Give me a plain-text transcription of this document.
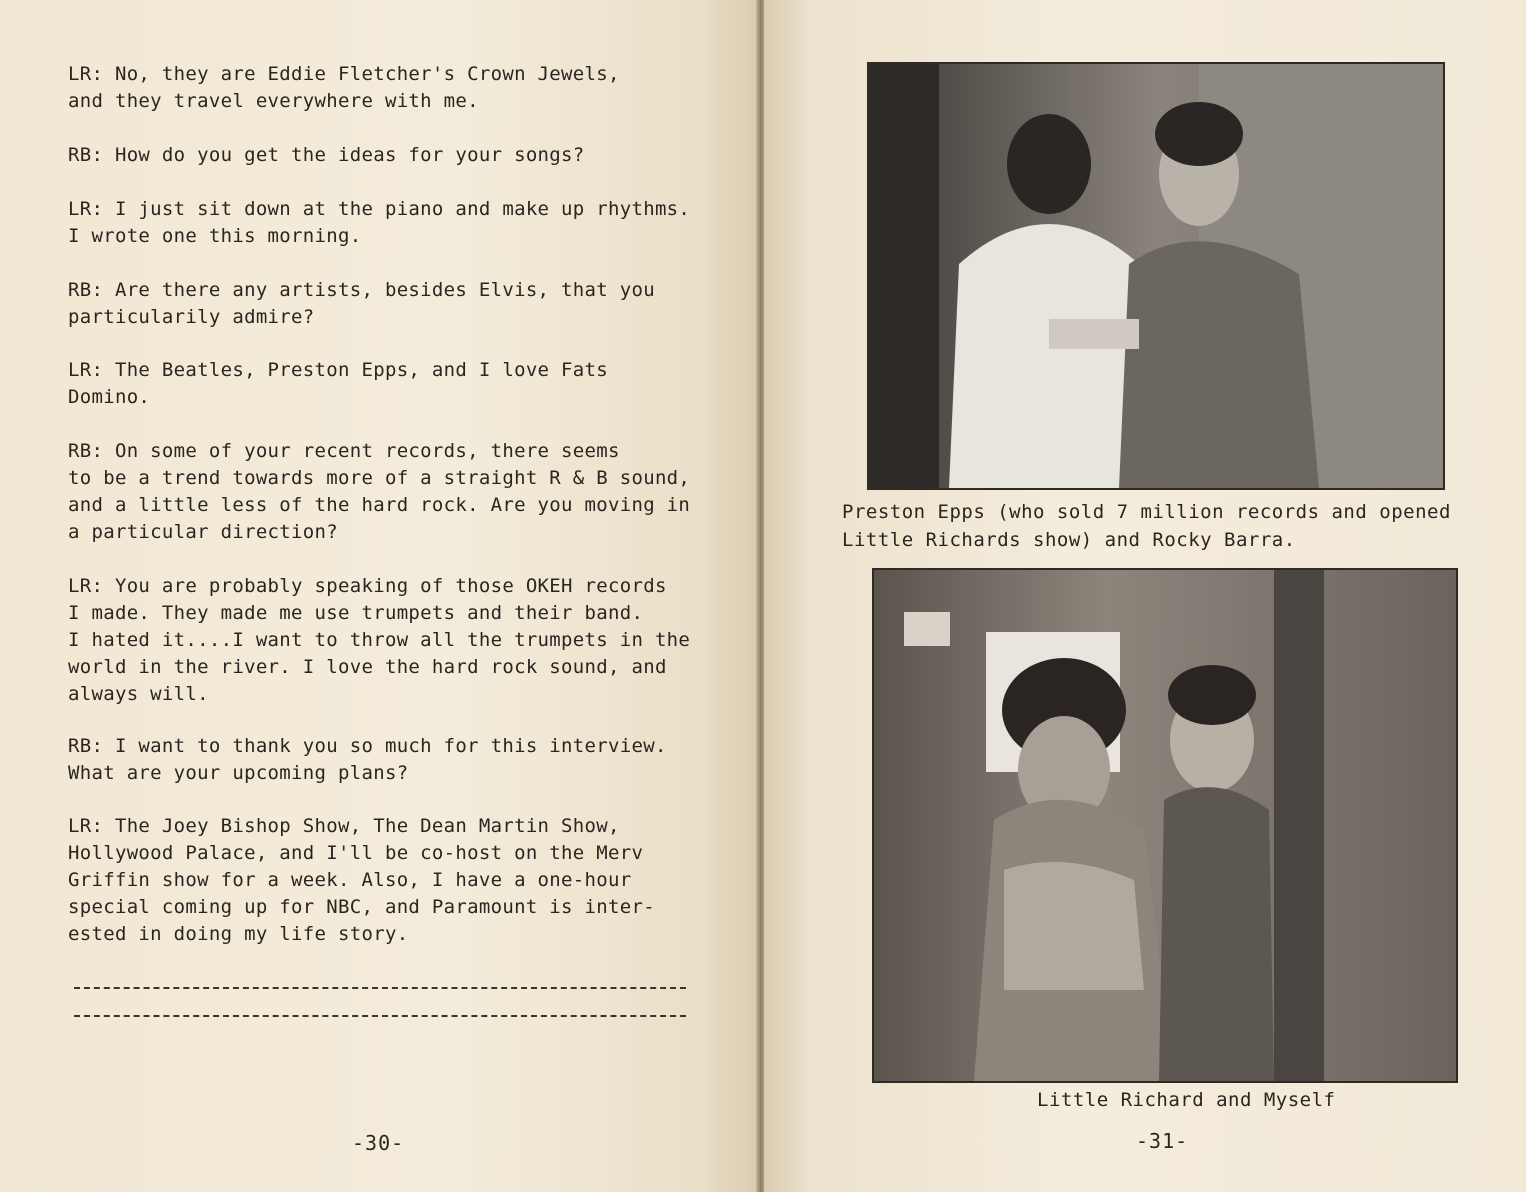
LR: No, they are Eddie Fletcher's Crown Jewels,
and they travel everywhere with me.

RB: How do you get the ideas for your songs?

LR: I just sit down at the piano and make up rhythms.
I wrote one this morning.

RB: Are there any artists, besides Elvis, that you
particularily admire?

LR: The Beatles, Preston Epps, and I love Fats
Domino.

RB: On some of your recent records, there seems
to be a trend towards more of a straight R & B sound,
and a little less of the hard rock. Are you moving in
a particular direction?

LR: You are probably speaking of those OKEH records
I made. They made me use trumpets and their band.
I hated it....I want to throw all the trumpets in the
world in the river. I love the hard rock sound, and
always will.

RB: I want to thank you so much for this interview.
What are your upcoming plans?

LR: The Joey Bishop Show, The Dean Martin Show,
Hollywood Palace, and I'll be co-host on the Merv
Griffin show for a week. Also, I have a one-hour
special coming up for NBC, and Paramount is inter-
ested in doing my life story.

-30-

Preston Epps (who sold 7 million records and opened
Little Richards show) and Rocky Barra.

Little Richard and Myself

-31-
